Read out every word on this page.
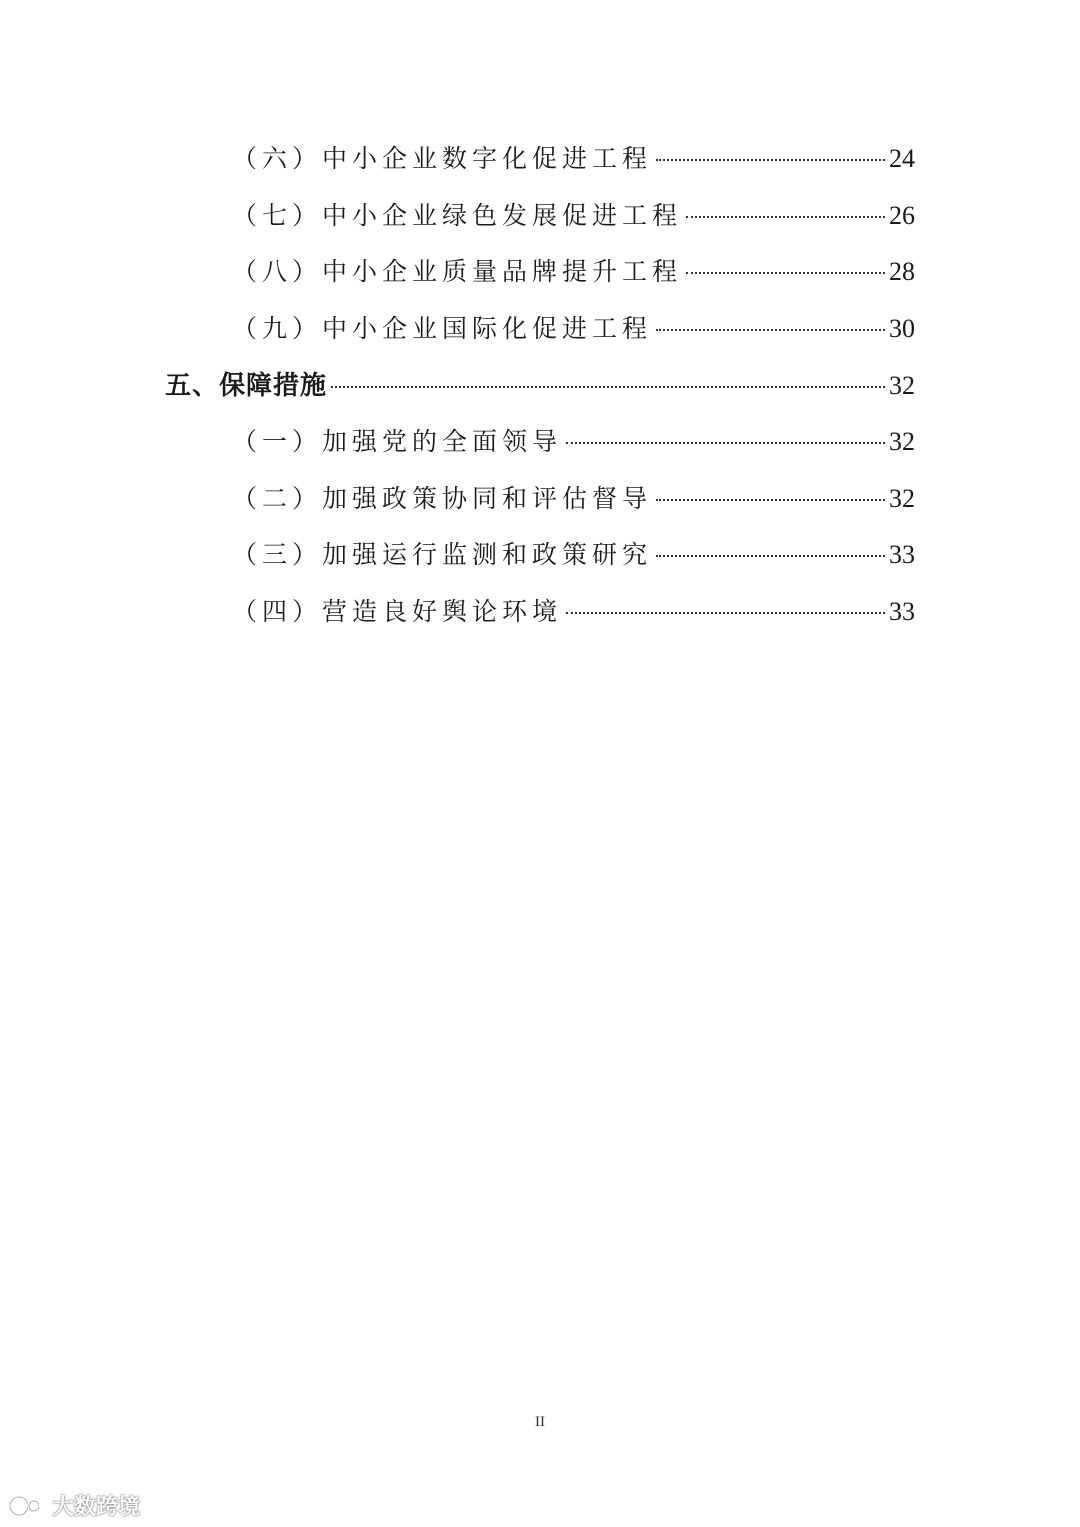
（六）中小企业数字化促进工程	24
（七）中小企业绿色发展促进工程	26
（八）中小企业质量品牌提升工程	28
（九）中小企业国际化促进工程	30
五、保障措施	32
（一）加强党的全面领导	32
（二）加强政策协同和评估督导	32
（三）加强运行监测和政策研究	33
（四）营造良好舆论环境	33
II
大数跨境
